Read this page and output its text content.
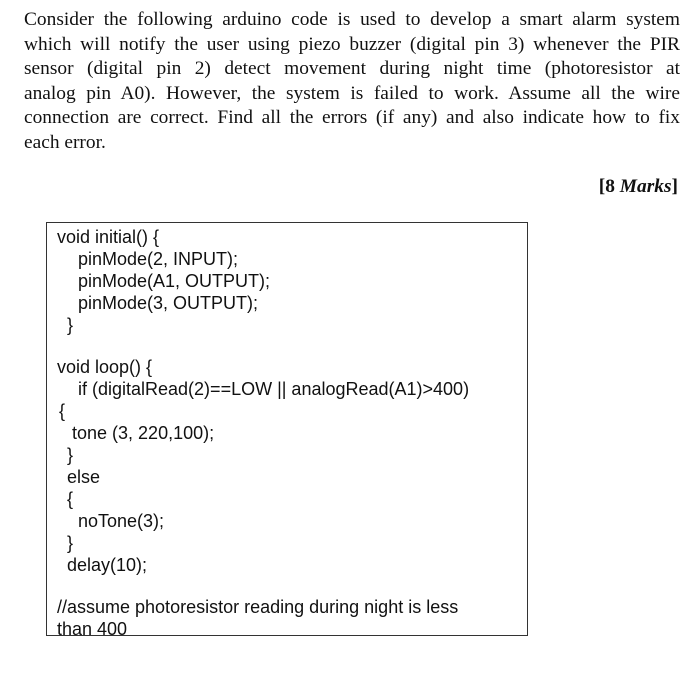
Consider the following arduino code is used to develop a smart alarm system
which will notify the user using piezo buzzer (digital pin 3) whenever the PIR
sensor (digital pin 2) detect movement during night time (photoresistor at
analog pin A0). However, the system is failed to work. Assume all the wire
connection are correct. Find all the errors (if any) and also indicate how to fix
each error.
[8 Marks]
void initial() {
pinMode(2, INPUT);
pinMode(A1, OUTPUT);
pinMode(3, OUTPUT);
}
void loop() {
if (digitalRead(2)==LOW || analogRead(A1)>400)
{
tone (3, 220,100);
}
else
{
noTone(3);
}
delay(10);
//assume photoresistor reading during night is less
than 400
